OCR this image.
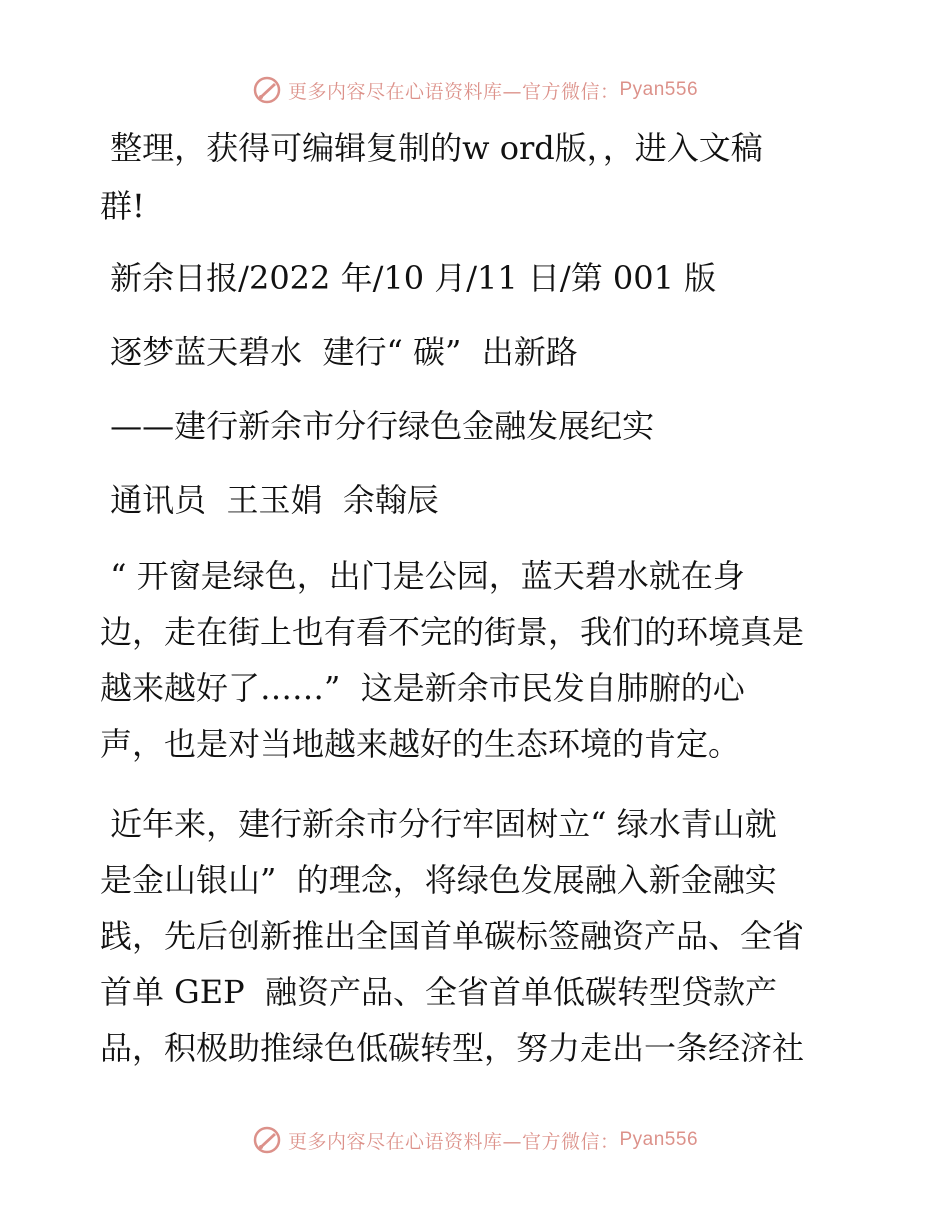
更多内容尽在心语资料库—官方微信： Pyan556
整理，获得可编辑复制的w ord版，，进入文稿
群!
新余日报/2022 年/10 月/11 日/第 001 版
逐梦蓝天碧水  建行“ 碳”  出新路
——建行新余市分行绿色金融发展纪实
通讯员  王玉娟  余翰辰
“ 开窗是绿色，出门是公园，蓝天碧水就在身
边，走在街上也有看不完的街景，我们的环境真是
越来越好了……”  这是新余市民发自肺腑的心
声，也是对当地越来越好的生态环境的肯定。
近年来，建行新余市分行牢固树立“ 绿水青山就
是金山银山”  的理念，将绿色发展融入新金融实
践，先后创新推出全国首单碳标签融资产品、全省
首单 GEP  融资产品、全省首单低碳转型贷款产
品，积极助推绿色低碳转型，努力走出一条经济社
更多内容尽在心语资料库—官方微信： Pyan556
